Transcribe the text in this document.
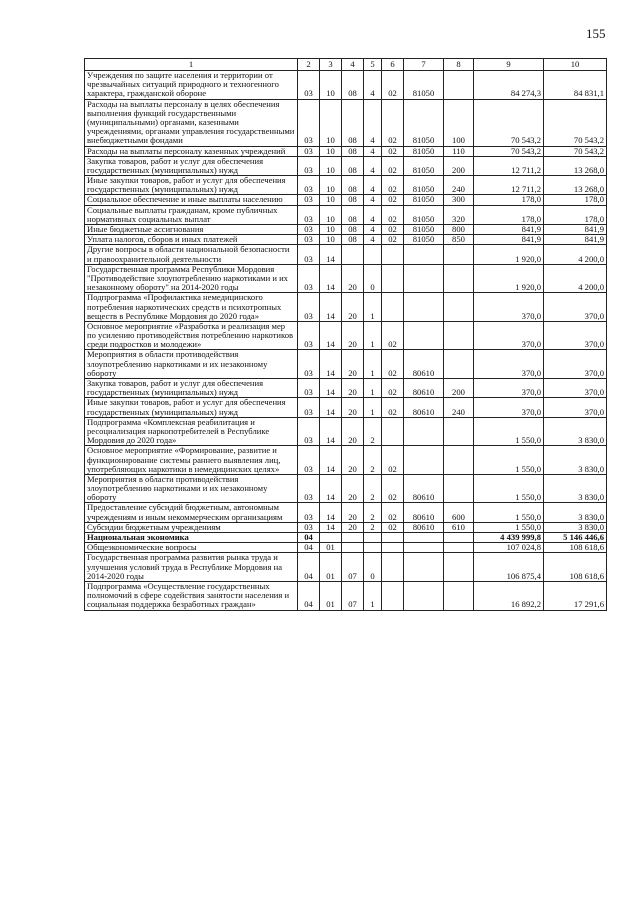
155
1	2	3	4	5	6	7	8	9	10
Учреждения по защите населения и территории от чрезвычайных ситуаций природного и техногенного характера, гражданской обороне	03	10	08	4	02	81050		84 274,3	84 831,1
Расходы на выплаты персоналу в целях обеспечения выполнения функций государственными (муниципальными) органами, казенными учреждениями, органами управления государственными внебюджетными фондами	03	10	08	4	02	81050	100	70 543,2	70 543,2
Расходы на выплаты персоналу казенных учреждений	03	10	08	4	02	81050	110	70 543,2	70 543,2
Закупка товаров, работ и услуг для обеспечения государственных (муниципальных) нужд	03	10	08	4	02	81050	200	12 711,2	13 268,0
Иные закупки товаров, работ и услуг для обеспечения государственных (муниципальных) нужд	03	10	08	4	02	81050	240	12 711,2	13 268,0
Социальное обеспечение и иные выплаты населению	03	10	08	4	02	81050	300	178,0	178,0
Социальные выплаты гражданам, кроме публичных нормативных социальных выплат	03	10	08	4	02	81050	320	178,0	178,0
Иные бюджетные ассигнования	03	10	08	4	02	81050	800	841,9	841,9
Уплата налогов, сборов и иных платежей	03	10	08	4	02	81050	850	841,9	841,9
Другие вопросы в области национальной безопасности и правоохранительной деятельности	03	14						1 920,0	4 200,0
Государственная программа Республики Мордовия "Противодействие злоупотреблению наркотиками и их незаконному обороту" на 2014-2020 годы	03	14	20	0				1 920,0	4 200,0
Подпрограмма «Профилактика немедицинского потребления наркотических средств и психотропных веществ в Республике Мордовия до 2020 года»	03	14	20	1				370,0	370,0
Основное мероприятие «Разработка и реализация мер по усилению противодействия потреблению наркотиков среди подростков и молодежи»	03	14	20	1	02			370,0	370,0
Мероприятия в области противодействия злоупотреблению наркотиками и их незаконному обороту	03	14	20	1	02	80610		370,0	370,0
Закупка товаров, работ и услуг для обеспечения государственных (муниципальных) нужд	03	14	20	1	02	80610	200	370,0	370,0
Иные закупки товаров, работ и услуг для обеспечения государственных (муниципальных) нужд	03	14	20	1	02	80610	240	370,0	370,0
Подпрограмма «Комплексная реабилитация и ресоциализация наркопотребителей в Республике Мордовия до 2020 года»	03	14	20	2				1 550,0	3 830,0
Основное мероприятие «Формирование, развитие и функционирование системы раннего выявления лиц, употребляющих наркотики в немедицинских целях»	03	14	20	2	02			1 550,0	3 830,0
Мероприятия в области противодействия злоупотреблению наркотиками и их незаконному обороту	03	14	20	2	02	80610		1 550,0	3 830,0
Предоставление субсидий бюджетным, автономным учреждениям и иным некоммерческим организациям	03	14	20	2	02	80610	600	1 550,0	3 830,0
Субсидии бюджетным учреждениям	03	14	20	2	02	80610	610	1 550,0	3 830,0
Национальная экономика	04							4 439 999,8	5 146 446,6
Общеэкономические вопросы	04	01						107 024,8	108 618,6
Государственная программа развития рынка труда и улучшения условий труда в Республике Мордовия на 2014-2020 годы	04	01	07	0				106 875,4	108 618,6
Подпрограмма «Осуществление государственных полномочий в сфере содействия занятости населения и социальная поддержка безработных граждан»	04	01	07	1				16 892,2	17 291,6
